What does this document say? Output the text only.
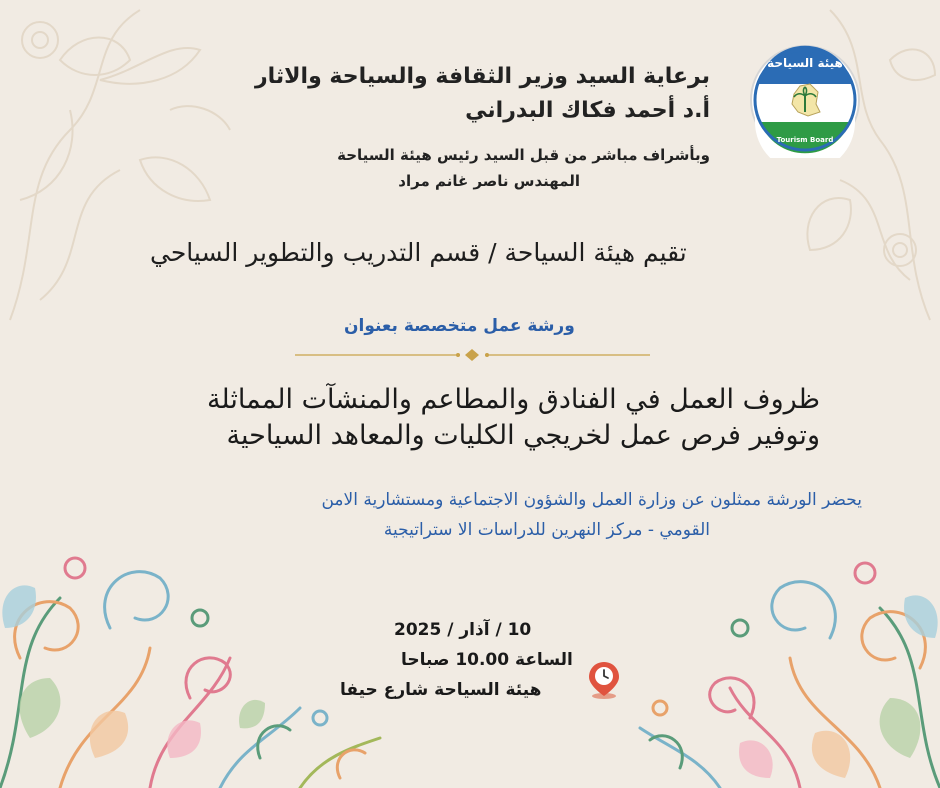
هيئة السياحة
Tourism Board
برعاية السيد وزير الثقافة والسياحة والاثار
أ.د أحمد فكاك البدراني
وبأشراف مباشر من قبل السيد رئيس هيئة السياحة
المهندس ناصر غانم مراد
تقيم هيئة السياحة / قسم التدريب والتطوير السياحي
ورشة عمل متخصصة بعنوان
ظروف العمل في الفنادق والمطاعم والمنشآت المماثلة
وتوفير فرص عمل لخريجي الكليات والمعاهد السياحية
يحضر الورشة ممثلون عن وزارة العمل والشؤون الاجتماعية ومستشارية الامن
القومي - مركز النهرين للدراسات الا ستراتيجية
10 / آذار / 2025
الساعة 10.00 صباحا
هيئة السياحة شارع حيفا
